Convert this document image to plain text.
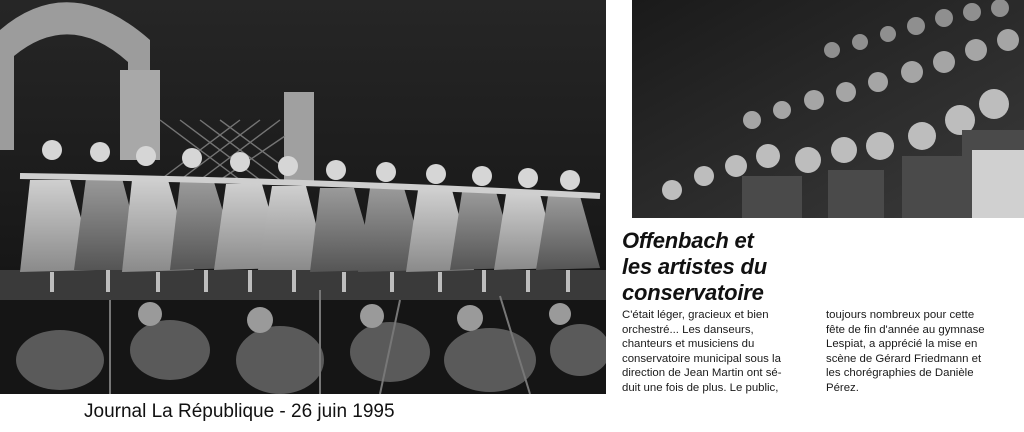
Offenbach et
les artistes du
conservatoire
C'était léger, gracieux et bien
orchestré... Les danseurs,
chanteurs et musiciens du
conservatoire municipal sous la
direction de Jean Martin ont sé-
duit une fois de plus. Le public,
toujours nombreux pour cette
fête de fin d'année au gymnase
Lespiat, a apprécié la mise en
scène de Gérard Friedmann et
les chorégraphies de Danièle
Pérez.
Journal La République - 26 juin 1995
